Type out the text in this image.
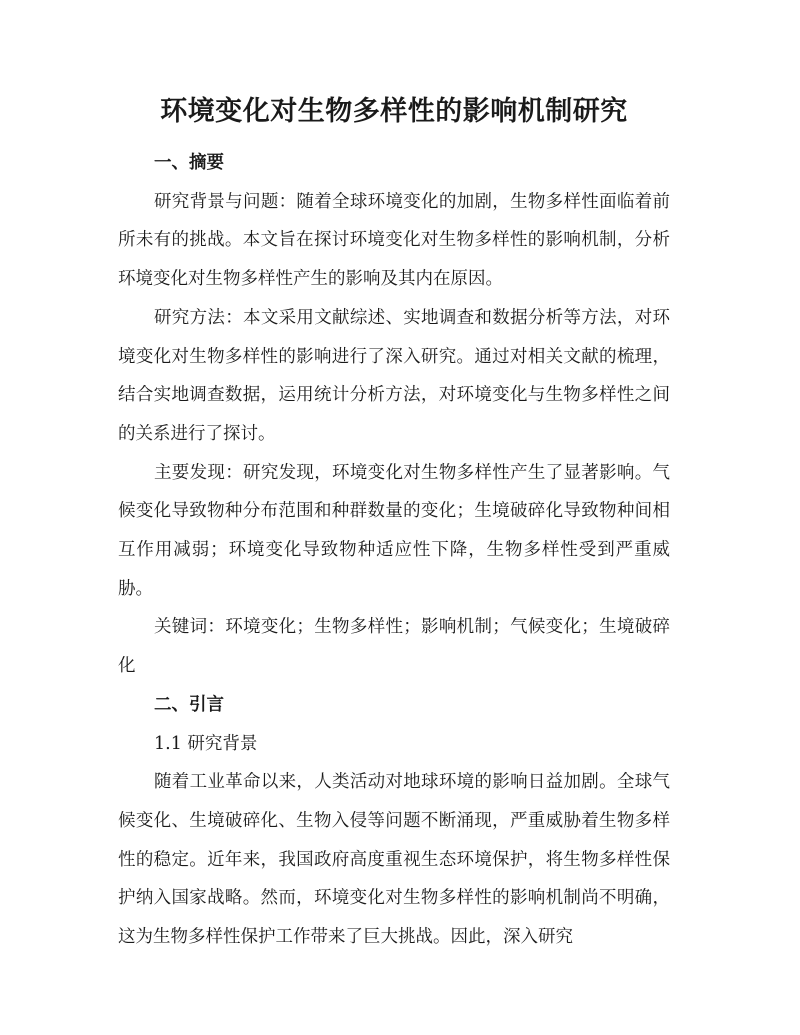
环境变化对生物多样性的影响机制研究

一、摘要

研究背景与问题：随着全球环境变化的加剧，生物多样性面临着前所未有的挑战。本文旨在探讨环境变化对生物多样性的影响机制，分析环境变化对生物多样性产生的影响及其内在原因。

研究方法：本文采用文献综述、实地调查和数据分析等方法，对环境变化对生物多样性的影响进行了深入研究。通过对相关文献的梳理，结合实地调查数据，运用统计分析方法，对环境变化与生物多样性之间的关系进行了探讨。

主要发现：研究发现，环境变化对生物多样性产生了显著影响。气候变化导致物种分布范围和种群数量的变化；生境破碎化导致物种间相互作用减弱；环境变化导致物种适应性下降，生物多样性受到严重威胁。

关键词：环境变化；生物多样性；影响机制；气候变化；生境破碎化

二、引言

1.1 研究背景

随着工业革命以来，人类活动对地球环境的影响日益加剧。全球气候变化、生境破碎化、生物入侵等问题不断涌现，严重威胁着生物多样性的稳定。近年来，我国政府高度重视生态环境保护，将生物多样性保护纳入国家战略。然而，环境变化对生物多样性的影响机制尚不明确，这为生物多样性保护工作带来了巨大挑战。因此，深入研究
